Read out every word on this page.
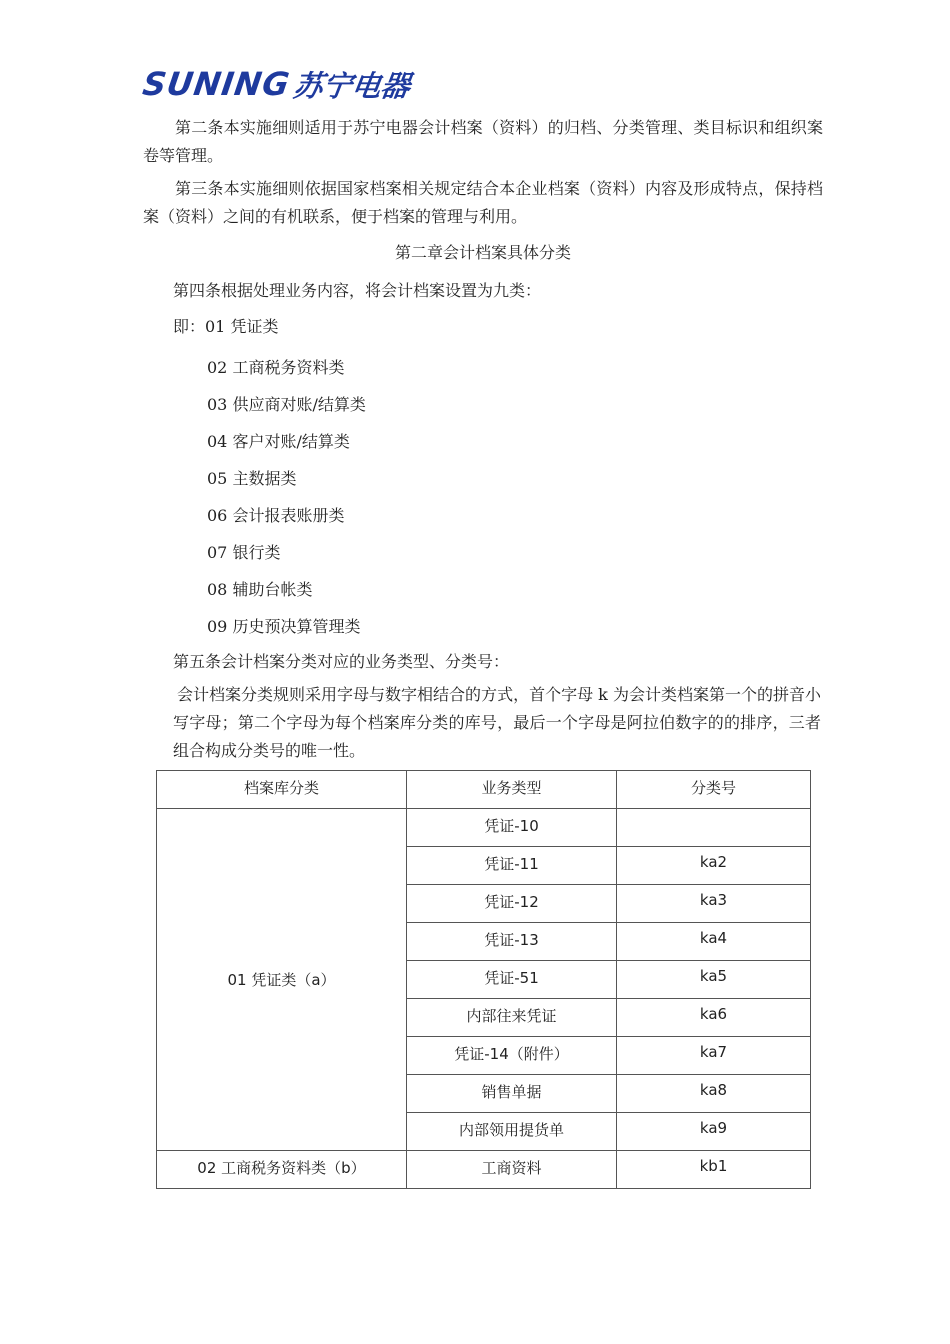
SUNING
苏宁电器
第二条本实施细则适用于苏宁电器会计档案（资料）的归档、分类管理、类目标识和组织案卷等管理。
第三条本实施细则依据国家档案相关规定结合本企业档案（资料）内容及形成特点，保持档案（资料）之间的有机联系，便于档案的管理与利用。
第二章会计档案具体分类
第四条根据处理业务内容，将会计档案设置为九类：
即：01 凭证类
02 工商税务资料类
03 供应商对账/结算类
04 客户对账/结算类
05 主数据类
06 会计报表账册类
07 银行类
08 辅助台帐类
09 历史预决算管理类
第五条会计档案分类对应的业务类型、分类号：
会计档案分类规则采用字母与数字相结合的方式，首个字母 k 为会计类档案第一个的拼音小写字母；第二个字母为每个档案库分类的库号，最后一个字母是阿拉伯数字的的排序，三者组合构成分类号的唯一性。
档案库分类	业务类型	分类号
01 凭证类（a）	凭证-10	
	凭证-11	ka2
	凭证-12	ka3
	凭证-13	ka4
	凭证-51	ka5
	内部往来凭证	ka6
	凭证-14（附件）	ka7
	销售单据	ka8
	内部领用提货单	ka9
02 工商税务资料类（b）	工商资料	kb1
